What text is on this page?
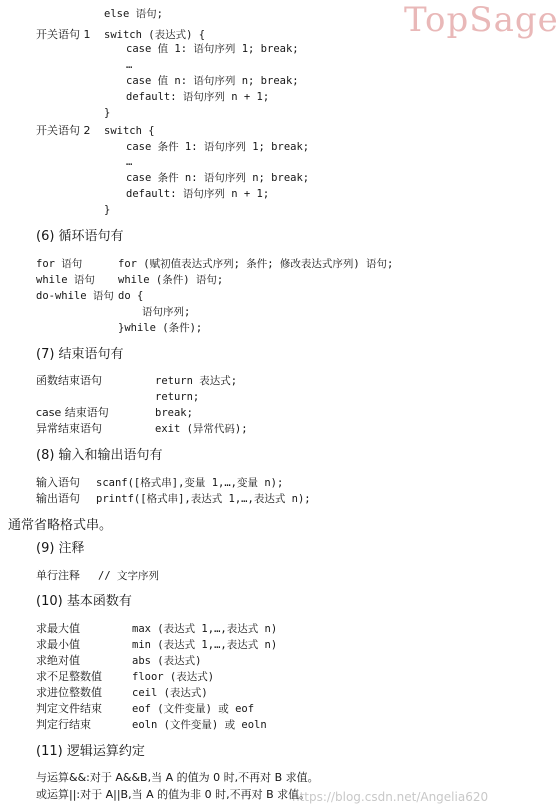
TopSage
https://blog.csdn.net/Angelia620
else 语句;
开关语句 1 switch (表达式) {
case 值 1: 语句序列 1; break;
…
case 值 n: 语句序列 n; break;
default: 语句序列 n + 1;
}
开关语句 2 switch {
case 条件 1: 语句序列 1; break;
…
case 条件 n: 语句序列 n; break;
default: 语句序列 n + 1;
}
(6) 循环语句有
for 语句	for (赋初值表达式序列; 条件; 修改表达式序列) 语句;
while 语句 while (条件) 语句;
do-while 语句 do {
语句序列;
}while (条件);
(7) 结束语句有
函数结束语句	return 表达式;
return;
case 结束语句	break;
异常结束语句	exit (异常代码);
(8) 输入和输出语句有
输入语句 scanf([格式串],变量 1,…,变量 n);
输出语句 printf([格式串],表达式 1,…,表达式 n);
通常省略格式串。
(9) 注释
单行注释 // 文字序列
(10) 基本函数有
求最大值	max (表达式 1,…,表达式 n)
求最小值	min (表达式 1,…,表达式 n)
求绝对值	abs (表达式)
求不足整数值	floor (表达式)
求进位整数值	ceil (表达式)
判定文件结束	eof (文件变量) 或 eof
判定行结束	eoln (文件变量) 或 eoln
(11) 逻辑运算约定
与运算&&:对于 A&&B,当 A 的值为 0 时,不再对 B 求值。
或运算||:对于 A||B,当 A 的值为非 0 时,不再对 B 求值。
